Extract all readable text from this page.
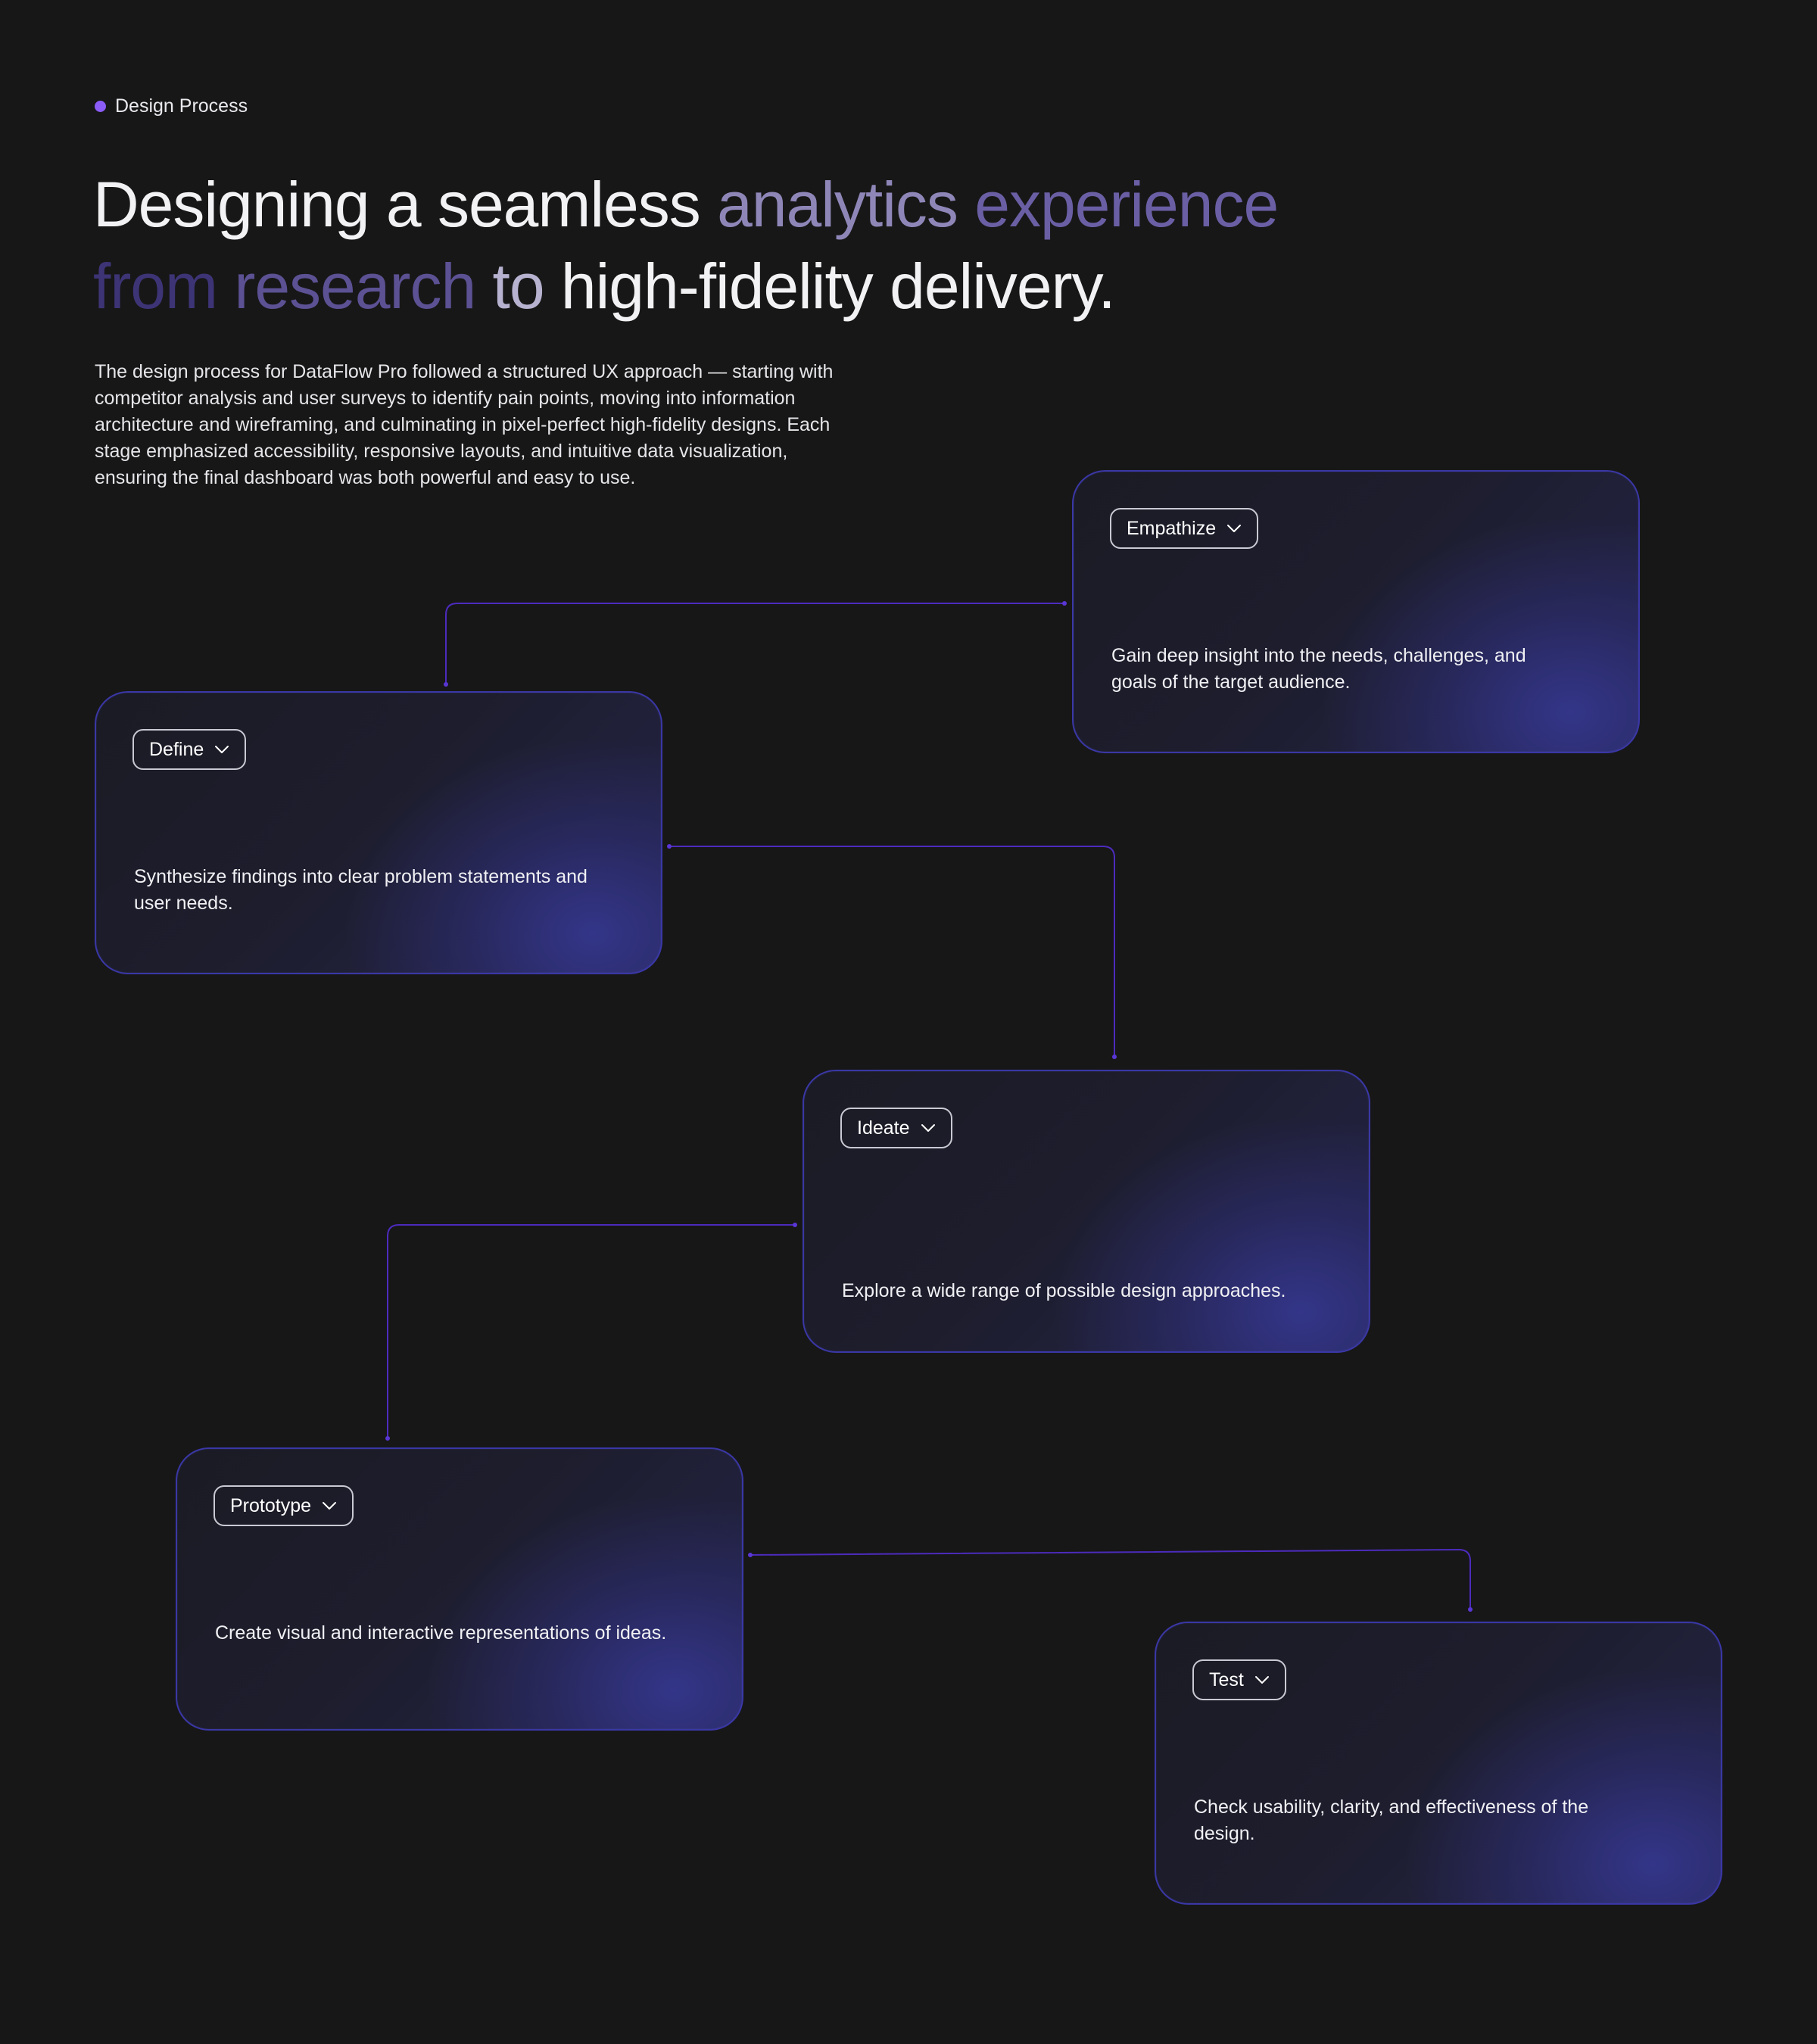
Design Process
Designing a seamless analytics experience
from research to high-fidelity delivery.

The design process for DataFlow Pro followed a structured UX approach — starting with competitor analysis and user surveys to identify pain points, moving into information architecture and wireframing, and culminating in pixel-perfect high-fidelity designs. Each stage emphasized accessibility, responsive layouts, and intuitive data visualization, ensuring the final dashboard was both powerful and easy to use.

Empathize

Gain deep insight into the needs, challenges, and goals of the target audience.

Define

Synthesize findings into clear problem statements and user needs.

Ideate

Explore a wide range of possible design approaches.

Prototype

Create visual and interactive representations of ideas.

Test

Check usability, clarity, and effectiveness of the design.
